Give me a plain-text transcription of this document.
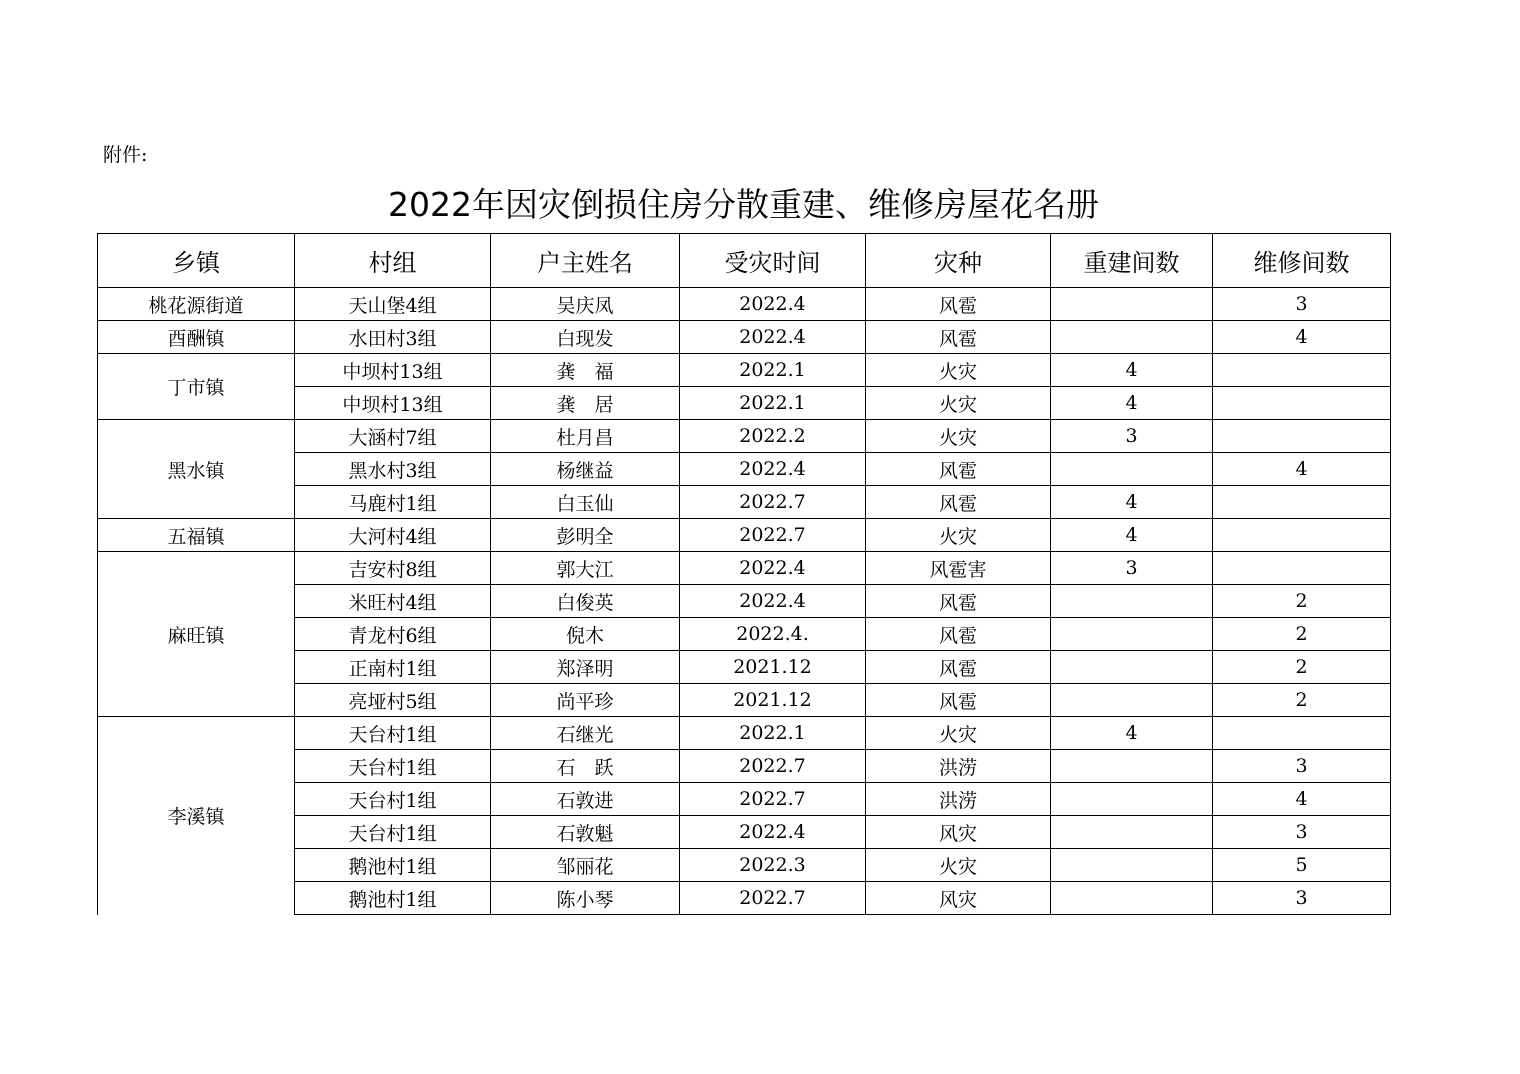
附件:
2022年因灾倒损住房分散重建、维修房屋花名册
乡镇	村组	户主姓名	受灾时间	灾种	重建间数	维修间数
桃花源街道	天山堡4组	吴庆凤	2022.4	风雹		3
酉酬镇	水田村3组	白现发	2022.4	风雹		4
丁市镇	中坝村13组	龚　福	2022.1	火灾	4	
	中坝村13组	龚　居	2022.1	火灾	4	
黑水镇	大涵村7组	杜月昌	2022.2	火灾	3	
	黑水村3组	杨继益	2022.4	风雹		4
	马鹿村1组	白玉仙	2022.7	风雹	4	
五福镇	大河村4组	彭明全	2022.7	火灾	4	
麻旺镇	吉安村8组	郭大江	2022.4	风雹害	3	
	米旺村4组	白俊英	2022.4	风雹		2
	青龙村6组	倪木	2022.4.	风雹		2
	正南村1组	郑泽明	2021.12	风雹		2
	亮垭村5组	尚平珍	2021.12	风雹		2
李溪镇	天台村1组	石继光	2022.1	火灾	4	
	天台村1组	石　跃	2022.7	洪涝		3
	天台村1组	石敦进	2022.7	洪涝		4
	天台村1组	石敦魁	2022.4	风灾		3
	鹅池村1组	邹丽花	2022.3	火灾		5
	鹅池村1组	陈小琴	2022.7	风灾		3
